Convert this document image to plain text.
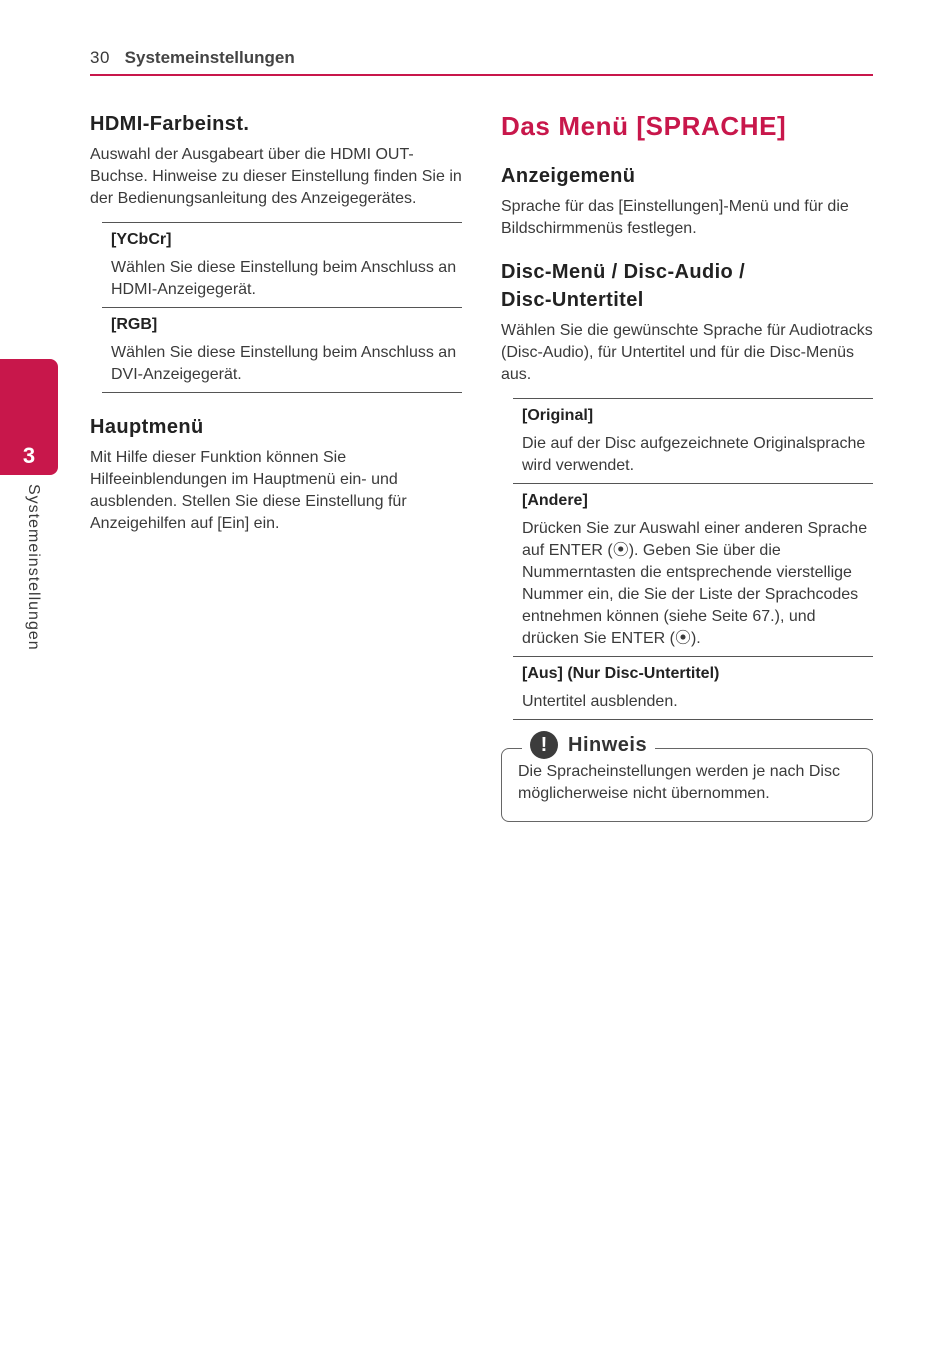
30 Systemeinstellungen
3
Systemeinstellungen
HDMI-Farbeinst.

Auswahl der Ausgabeart über die HDMI OUT-Buchse. Hinweise zu dieser Einstellung finden Sie in der Bedienungsanleitung des Anzeigegerätes.

[YCbCr]
Wählen Sie diese Einstellung beim Anschluss an HDMI-Anzeigegerät.
[RGB]
Wählen Sie diese Einstellung beim Anschluss an DVI-Anzeigegerät.
Hauptmenü

Mit Hilfe dieser Funktion können Sie Hilfeeinblendungen im Hauptmenü ein- und ausblenden. Stellen Sie diese Einstellung für Anzeigehilfen auf [Ein] ein.

Das Menü [SPRACHE]
Anzeigemenü

Sprache für das [Einstellungen]-Menü und für die Bildschirmmenüs festlegen.

Disc-Menü / Disc-Audio /
Disc-Untertitel

Wählen Sie die gewünschte Sprache für Audiotracks (Disc-Audio), für Untertitel und für die Disc-Menüs aus.

[Original]
Die auf der Disc aufgezeichnete Originalsprache wird verwendet.
[Andere]
Drücken Sie zur Auswahl einer anderen Sprache auf ENTER (⦿). Geben Sie über die Nummerntasten die entsprechende vierstellige Nummer ein, die Sie der Liste der Sprachcodes entnehmen können (siehe Seite 67.), und drücken Sie ENTER (⦿).
[Aus] (Nur Disc-Untertitel)
Untertitel ausblenden.
!	Hinweis
Die Spracheinstellungen werden je nach Disc möglicherweise nicht übernommen.
